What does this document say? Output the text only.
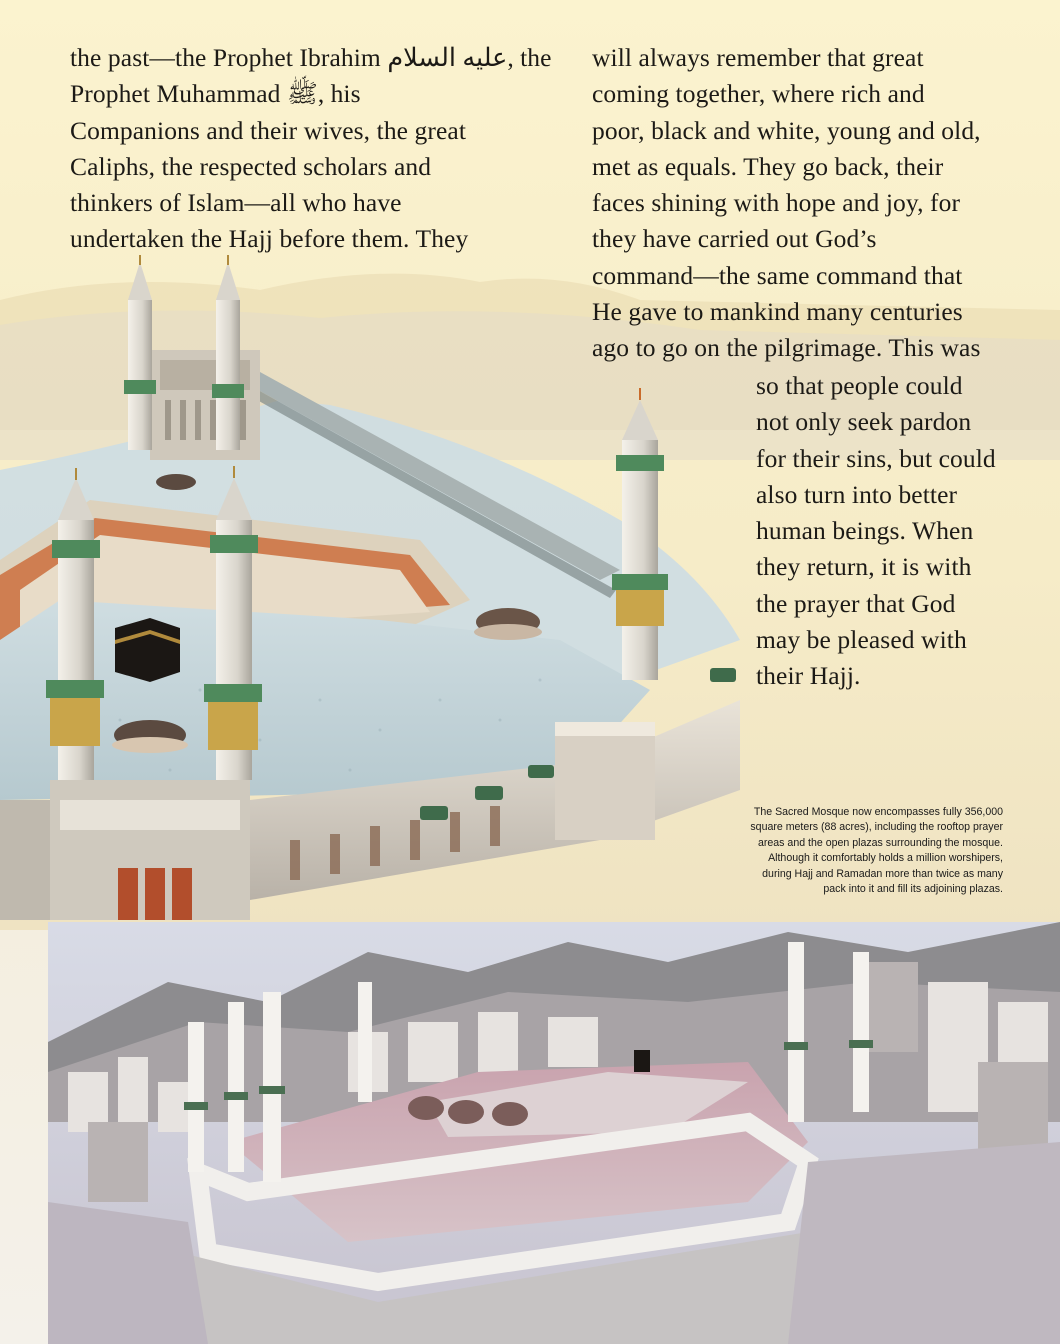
the past—the Prophet Ibrahim عليه السلام, the
Prophet Muhammad ﷺ, his
Companions and their wives, the great
Caliphs, the respected scholars and
thinkers of Islam—all who have
undertaken the Hajj before them. They
will always remember that great
coming together, where rich and
poor, black and white, young and old,
met as equals. They go back, their
faces shining with hope and joy, for
they have carried out God’s
command—the same command that
He gave to mankind many centuries
ago to go on the pilgrimage. This was
so that people could
not only seek pardon
for their sins, but could
also turn into better
human beings. When
they return, it is with
the prayer that God
may be pleased with
their Hajj.
The Sacred Mosque now encompasses fully 356,000
square meters (88 acres), including the rooftop prayer
areas and the open plazas surrounding the mosque.
Although it comfortably holds a million worshipers,
during Hajj and Ramadan more than twice as many
pack into it and fill its adjoining plazas.
